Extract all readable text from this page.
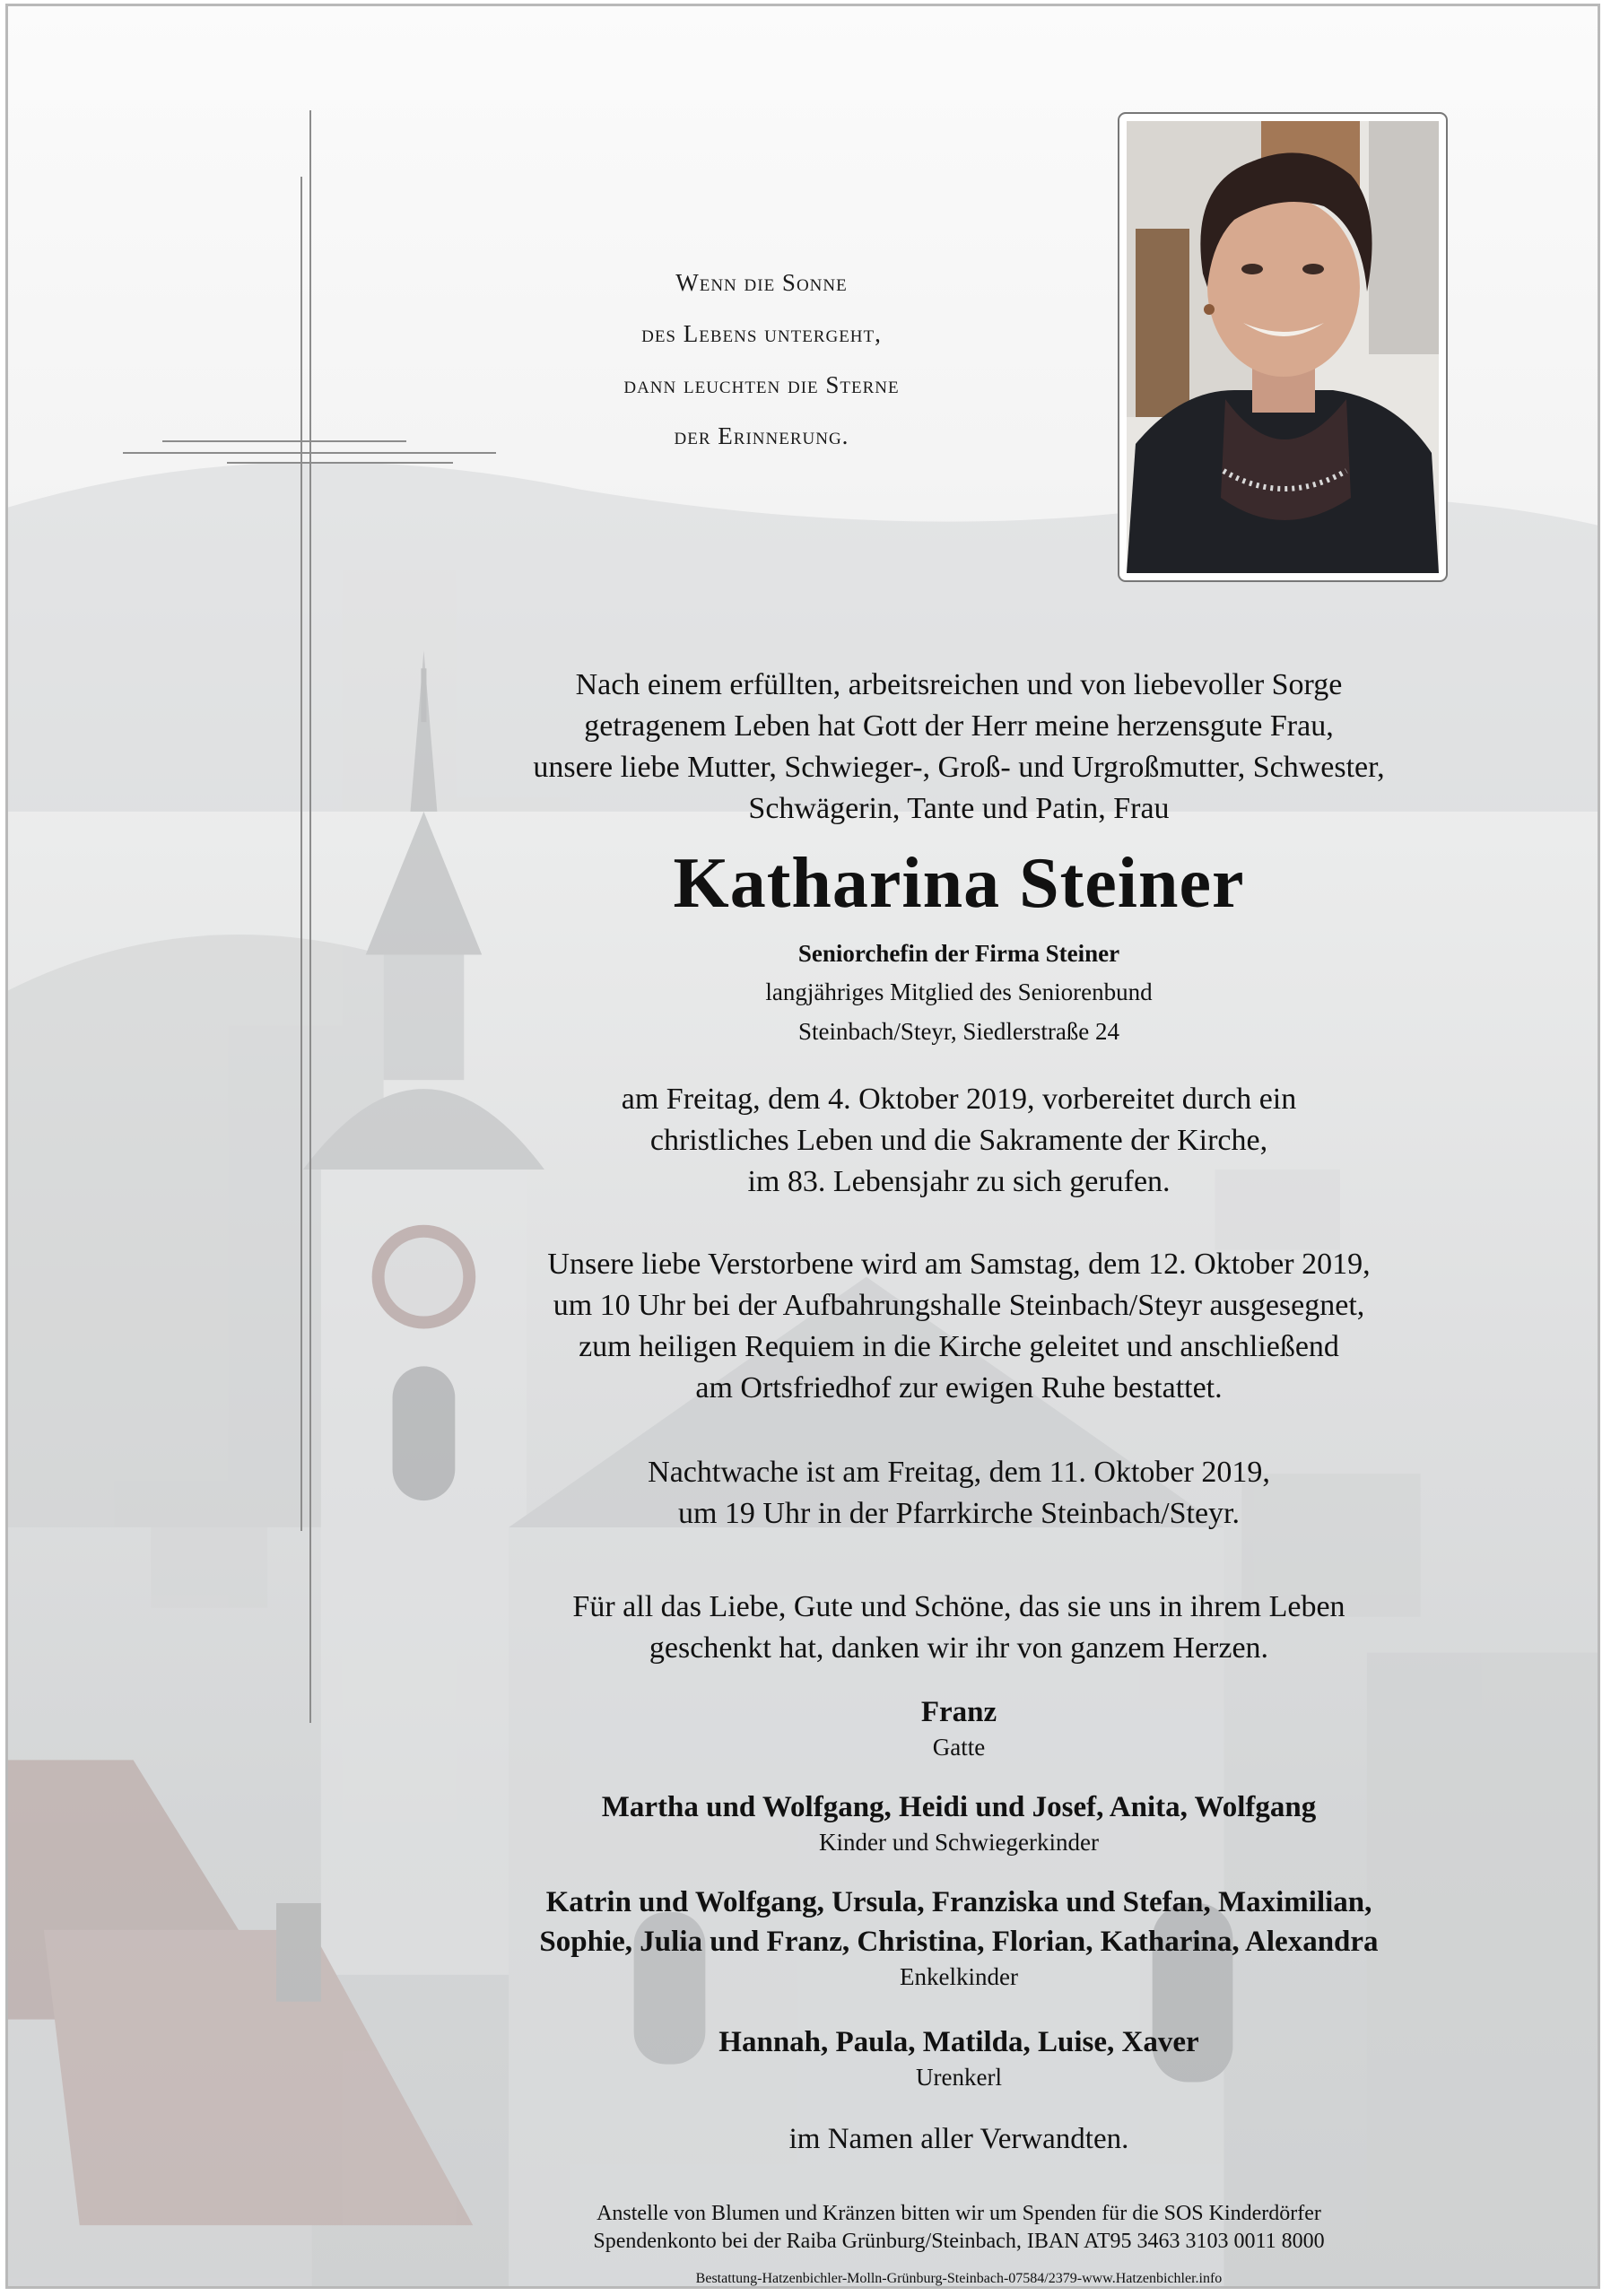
Wenn die Sonne
des Lebens untergeht,
dann leuchten die Sterne
der Erinnerung.
Nach einem erfüllten, arbeitsreichen und von liebevoller Sorge
getragenem Leben hat Gott der Herr meine herzensgute Frau,
unsere liebe Mutter, Schwieger-, Groß- und Urgroßmutter, Schwester,
Schwägerin, Tante und Patin, Frau
Katharina Steiner
Seniorchefin der Firma Steiner
langjähriges Mitglied des Seniorenbund
Steinbach/Steyr, Siedlerstraße 24
am Freitag, dem 4. Oktober 2019, vorbereitet durch ein
christliches Leben und die Sakramente der Kirche,
im 83. Lebensjahr zu sich gerufen.
Unsere liebe Verstorbene wird am Samstag, dem 12. Oktober 2019,
um 10 Uhr bei der Aufbahrungshalle Steinbach/Steyr ausgesegnet,
zum heiligen Requiem in die Kirche geleitet und anschließend
am Ortsfriedhof zur ewigen Ruhe bestattet.
Nachtwache ist am Freitag, dem 11. Oktober 2019,
um 19 Uhr in der Pfarrkirche Steinbach/Steyr.
Für all das Liebe, Gute und Schöne, das sie uns in ihrem Leben
geschenkt hat, danken wir ihr von ganzem Herzen.
Franz
Gatte
Martha und Wolfgang, Heidi und Josef, Anita, Wolfgang
Kinder und Schwiegerkinder
Katrin und Wolfgang, Ursula, Franziska und Stefan, Maximilian,
Sophie, Julia und Franz, Christina, Florian, Katharina, Alexandra
Enkelkinder
Hannah, Paula, Matilda, Luise, Xaver
Urenkerl
im Namen aller Verwandten.
Anstelle von Blumen und Kränzen bitten wir um Spenden für die SOS Kinderdörfer
Spendenkonto bei der Raiba Grünburg/Steinbach, IBAN AT95 3463 3103 0011 8000
Bestattung-Hatzenbichler-Molln-Grünburg-Steinbach-07584/2379-www.Hatzenbichler.info
